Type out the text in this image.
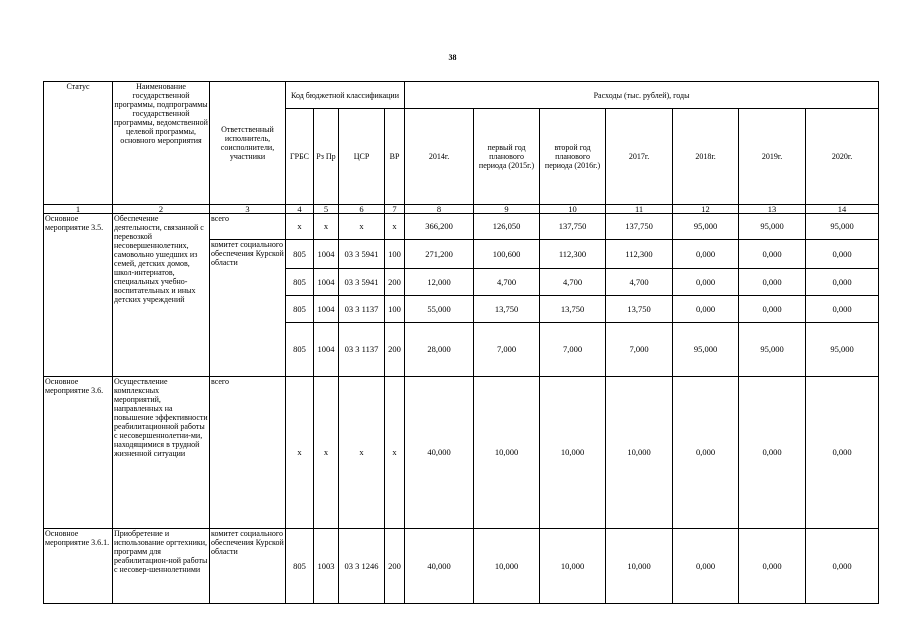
38
Статус	Наименование государственной программы, подпрограммы государственной программы, ведомственной целевой программы, основного мероприятия	Ответственный исполнитель, соисполнители, участники	Код бюджетной классификации				Расходы (тыс. рублей), годы						
			ГРБС	Рз Пр	ЦСР	ВР	2014г.	первый год планового периода (2015г.)	второй год планового периода (2016г.)	2017г.	2018г.	2019г.	2020г.
1	2	3	4	5	6	7	8	9	10	11	12	13	14
Основное мероприятие 3.5.	Обеспечение деятельности, связанной с перевозкой несовершеннолетних, самовольно ушедших из семей, детских домов, школ-интернатов, специальных учебно-воспитательных и иных детских учреждений	всего	x	x	x	x	366,200	126,050	137,750	137,750	95,000	95,000	95,000
		комитет социального обеспечения Курской области	805	1004	03 3 5941	100	271,200	100,600	112,300	112,300	0,000	0,000	0,000
			805	1004	03 3 5941	200	12,000	4,700	4,700	4,700	0,000	0,000	0,000
			805	1004	03 3 1137	100	55,000	13,750	13,750	13,750	0,000	0,000	0,000
			805	1004	03 3 1137	200	28,000	7,000	7,000	7,000	95,000	95,000	95,000
Основное мероприятие 3.6.	Осуществление комплексных мероприятий, направленных на повышение эффективности реабилитационной работы с несовершеннолетни-ми, находящимися в трудной жизненной ситуации	всего	x	x	x	x	40,000	10,000	10,000	10,000	0,000	0,000	0,000
Основное мероприятие 3.6.1.	Приобретение и использование оргтехники, программ для реабилитацион-ной работы с несовер-шеннолетними	комитет социального обеспечения Курской области	805	1003	03 3 1246	200	40,000	10,000	10,000	10,000	0,000	0,000	0,000
